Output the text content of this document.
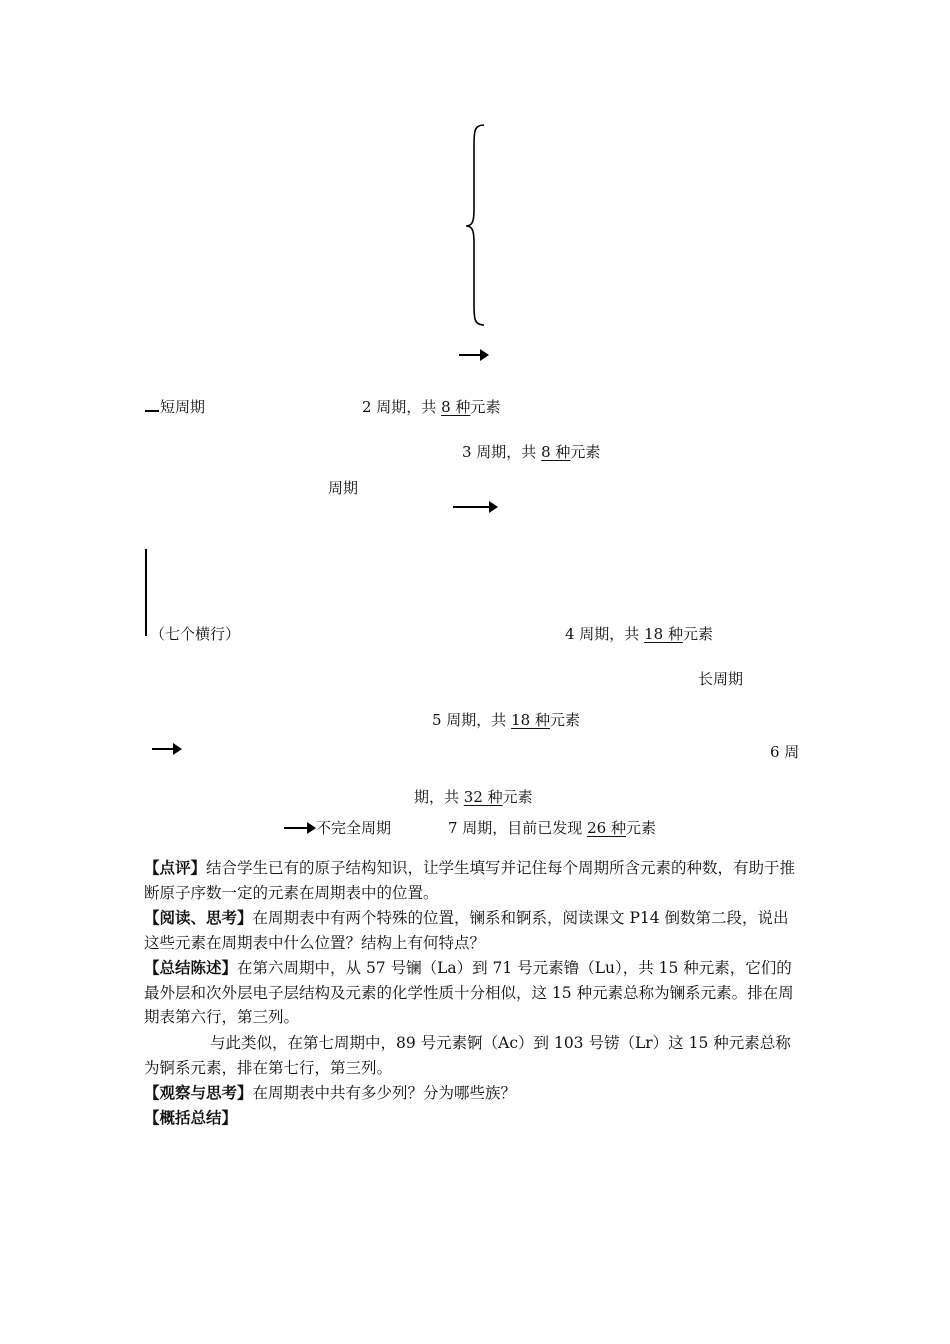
短周期	2 周期，共 8 种元素
3 周期，共 8 种元素
周期
（七个横行）	4 周期，共 18 种元素
长周期
5 周期，共 18 种元素
6 周
期，共 32 种元素
不完全周期	7 周期，目前已发现 26 种元素
【点评】结合学生已有的原子结构知识，让学生填写并记住每个周期所含元素的种数，有助于推断原子序数一定的元素在周期表中的位置。
【阅读、思考】在周期表中有两个特殊的位置，镧系和锕系，阅读课文 P14 倒数第二段，说出这些元素在周期表中什么位置？结构上有何特点？
【总结陈述】在第六周期中，从 57 号镧（La）到 71 号元素镥（Lu），共 15 种元素，它们的最外层和次外层电子层结构及元素的化学性质十分相似，这 15 种元素总称为镧系元素。排在周期表第六行，第三列。
与此类似，在第七周期中，89 号元素锕（Ac）到 103 号铹（Lr）这 15 种元素总称为锕系元素，排在第七行，第三列。
【观察与思考】在周期表中共有多少列？分为哪些族？
【概括总结】
